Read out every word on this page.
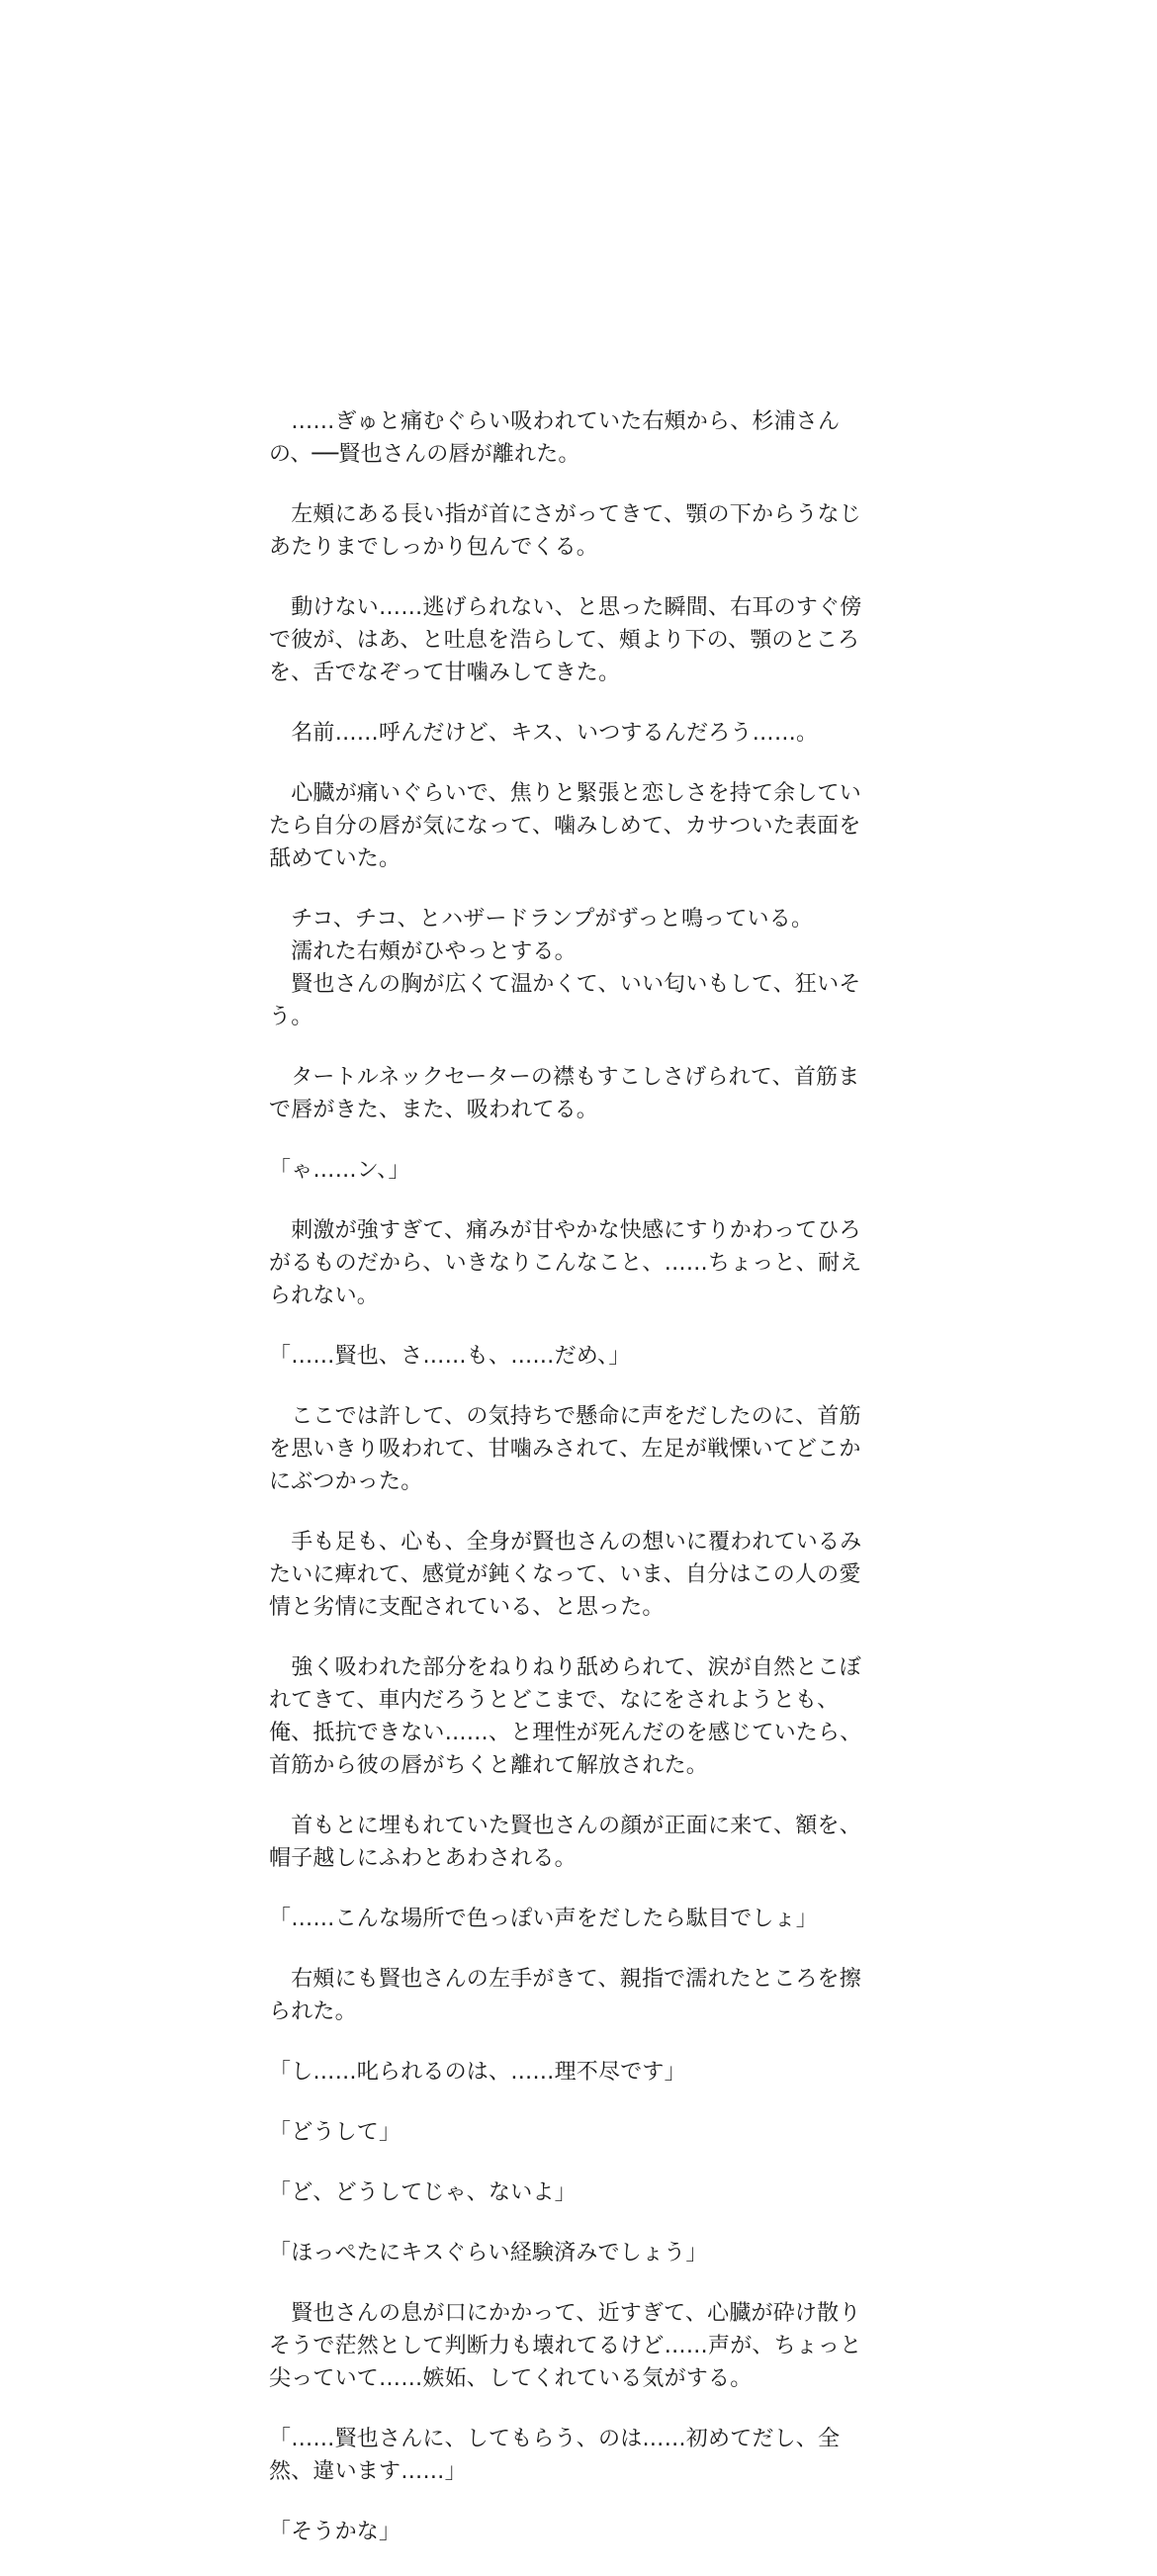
　……ぎゅと痛むぐらい吸われていた右頰から、杉浦さん
の、──賢也さんの唇が離れた。

　左頰にある長い指が首にさがってきて、顎の下からうなじ
あたりまでしっかり包んでくる。

　動けない……逃げられない、と思った瞬間、右耳のすぐ傍
で彼が、はあ、と吐息を浩らして、頰より下の、顎のところ
を、舌でなぞって甘噛みしてきた。

　名前……呼んだけど、キス、いつするんだろう……。

　心臓が痛いぐらいで、焦りと緊張と恋しさを持て余してい
たら自分の唇が気になって、噛みしめて、カサついた表面を
舐めていた。

　チコ、チコ、とハザードランプがずっと鳴っている。
　濡れた右頰がひやっとする。
　賢也さんの胸が広くて温かくて、いい匂いもして、狂いそ
う。

　タートルネックセーターの襟もすこしさげられて、首筋ま
で唇がきた、また、吸われてる。

「ゃ……ン、」

　刺激が強すぎて、痛みが甘やかな快感にすりかわってひろ
がるものだから、いきなりこんなこと、……ちょっと、耐え
られない。

「……賢也、さ……も、……だめ、」

　ここでは許して、の気持ちで懸命に声をだしたのに、首筋
を思いきり吸われて、甘噛みされて、左足が戦慄いてどこか
にぶつかった。

　手も足も、心も、全身が賢也さんの想いに覆われているみ
たいに痺れて、感覚が鈍くなって、いま、自分はこの人の愛
情と劣情に支配されている、と思った。

　強く吸われた部分をねりねり舐められて、涙が自然とこぼ
れてきて、車内だろうとどこまで、なにをされようとも、
俺、抵抗できない……、と理性が死んだのを感じていたら、
首筋から彼の唇がちくと離れて解放された。

　首もとに埋もれていた賢也さんの顔が正面に来て、額を、
帽子越しにふわとあわされる。

「……こんな場所で色っぽい声をだしたら駄目でしょ」

　右頰にも賢也さんの左手がきて、親指で濡れたところを擦
られた。

「し……叱られるのは、……理不尽です」

「どうして」

「ど、どうしてじゃ、ないよ」

「ほっぺたにキスぐらい経験済みでしょう」

　賢也さんの息が口にかかって、近すぎて、心臓が砕け散り
そうで茫然として判断力も壊れてるけど……声が、ちょっと
尖っていて……嫉妬、してくれている気がする。

「……賢也さんに、してもらう、のは……初めてだし、全
然、違います……」

「そうかな」
